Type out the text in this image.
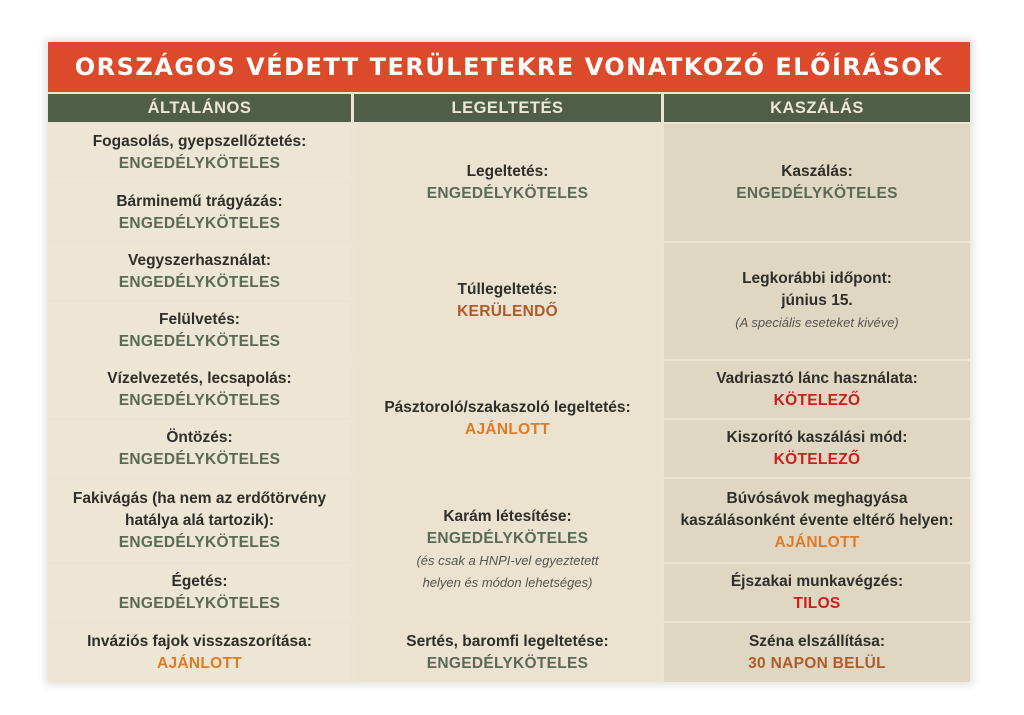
ORSZÁGOS VÉDETT TERÜLETEKRE VONATKOZÓ ELŐÍRÁSOK
ÁLTALÁNOS	LEGELTETÉS	KASZÁLÁS
Fogasolás, gyepszellőztetés:
ENGEDÉLYKÖTELES
Bárminemű trágyázás:
ENGEDÉLYKÖTELES
Vegyszerhasználat:
ENGEDÉLYKÖTELES
Felülvetés:
ENGEDÉLYKÖTELES
Vízelvezetés, lecsapolás:
ENGEDÉLYKÖTELES
Öntözés:
ENGEDÉLYKÖTELES
Fakivágás (ha nem az erdőtörvény
hatálya alá tartozik):
ENGEDÉLYKÖTELES
Égetés:
ENGEDÉLYKÖTELES
Inváziós fajok visszaszorítása:
AJÁNLOTT
Legeltetés:
ENGEDÉLYKÖTELES
Túllegeltetés:
KERÜLENDŐ
Pásztoroló/szakaszoló legeltetés:
AJÁNLOTT
Karám létesítése:
ENGEDÉLYKÖTELES
(és csak a HNPI-vel egyeztetett
helyen és módon lehetséges)
Sertés, baromfi legeltetése:
ENGEDÉLYKÖTELES
Kaszálás:
ENGEDÉLYKÖTELES
Legkorábbi időpont:
június 15.
(A speciális eseteket kivéve)
Vadriasztó lánc használata:
KÖTELEZŐ
Kiszorító kaszálási mód:
KÖTELEZŐ
Búvósávok meghagyása
kaszálásonként évente eltérő helyen:
AJÁNLOTT
Éjszakai munkavégzés:
TILOS
Széna elszállítása:
30 NAPON BELÜL
